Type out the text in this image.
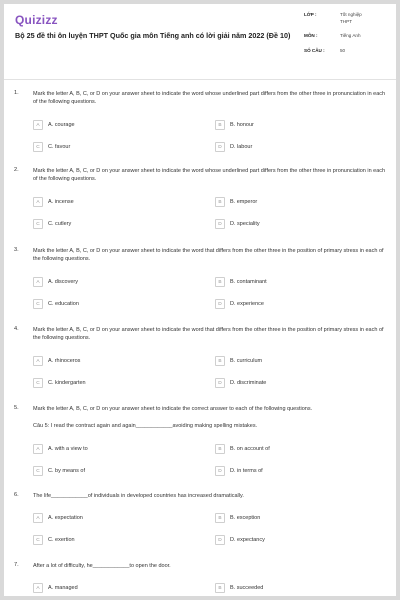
Quizizz
Bộ 25 đề thi ôn luyện THPT Quốc gia môn Tiếng anh có lời giải năm 2022 (Đề 10)
LỚP :	Tốt nghiệp THPT
MÔN :	Tiếng Anh
SỐ CÂU :	50
1.	Mark the letter A, B, C, or D on your answer sheet to indicate the word whose underlined part differs from the other three in pronunciation in each of the following questions.
A	A. courage	B	B. honour
C	C. favour	D	D. labour
2.	Mark the letter A, B, C, or D on your answer sheet to indicate the word whose underlined part differs from the other three in pronunciation in each of the following questions.
A	A. incense	B	B. emperor
C	C. cutlery	D	D. speciality
3.	Mark the letter A, B, C, or D on your answer sheet to indicate the word that differs from the other three in the position of primary stress in each of the following questions.
A	A. discovery	B	B. contaminant
C	C. education	D	D. experience
4.	Mark the letter A, B, C, or D on your answer sheet to indicate the word that differs from the other three in the position of primary stress in each of the following questions.
A	A. rhinoceros	B	B. curriculum
C	C. kindergarten	D	D. discriminate
5.	Mark the letter A, B, C, or D on your answer sheet to indicate the correct answer to each of the following questions.
Câu 5: I read the contract again and again____________avoiding making spelling mistakes.
A	A. with a view to	B	B. on account of
C	C. by means of	D	D. in terms of
6.	The life____________of individuals in developed countries has increased dramatically.
A	A. expectation	B	B. exception
C	C. exertion	D	D. expectancy
7.	After a lot of difficulty, he____________to open the door.
A	A. managed	B	B. succeeded
